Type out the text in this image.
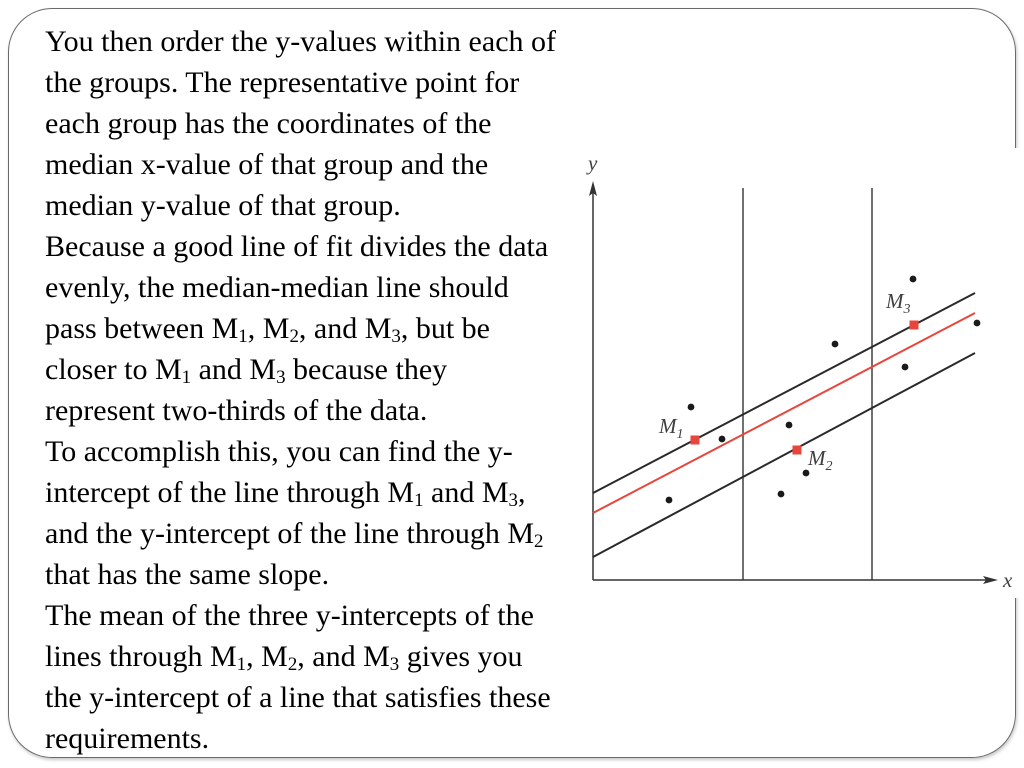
You then order the y-values within each of
the groups. The representative point for
each group has the coordinates of the
median x-value of that group and the
median y-value of that group.
Because a good line of fit divides the data
evenly, the median-median line should
pass between M1, M2, and M3, but be
closer to M1 and M3 because they
represent two-thirds of the data.
To accomplish this, you can find the y-
intercept of the line through M1 and M3,
and the y-intercept of the line through M2
that has the same slope.
The mean of the three y-intercepts of the
lines through M1, M2, and M3 gives you
the y-intercept of a line that satisfies these
requirements.
y
x
$M_1$
$M_2$
$M_3$
